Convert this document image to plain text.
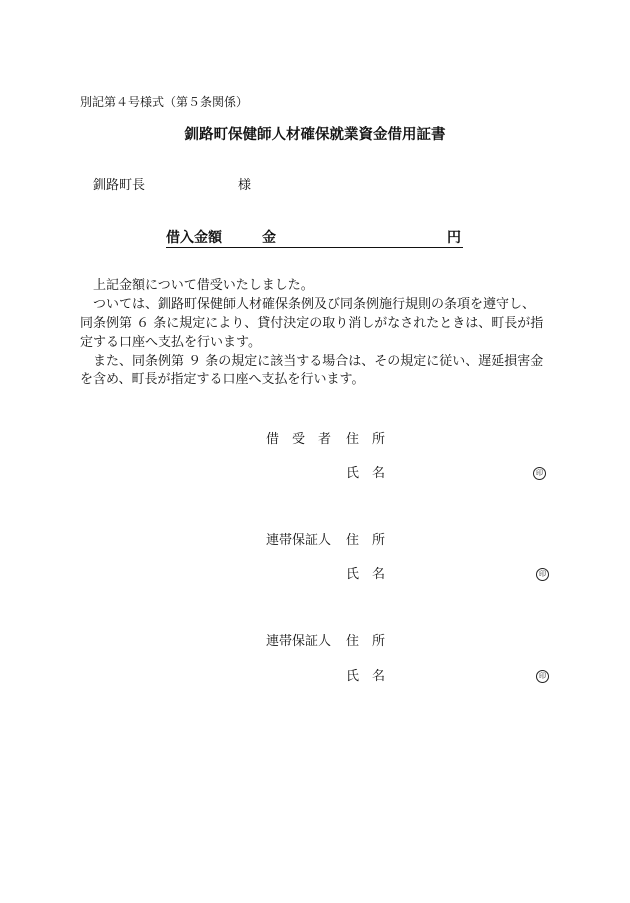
別記第４号様式（第５条関係）
釧路町保健師人材確保就業資金借用証書
釧路町長	様
借入金額	金	円
上記金額について借受いたしました。
ついては、釧路町保健師人材確保条例及び同条例施行規則の条項を遵守し、
同条例第 ６ 条に規定により、貸付決定の取り消しがなされたときは、町長が指
定する口座へ支払を行います。
また、同条例第 ９ 条の規定に該当する場合は、その規定に従い、遅延損害金
を含め、町長が指定する口座へ支払を行います。
借　受　者 住　所
氏　名	印
連帯保証人 住　所
氏　名	印
連帯保証人 住　所
氏　名	印
